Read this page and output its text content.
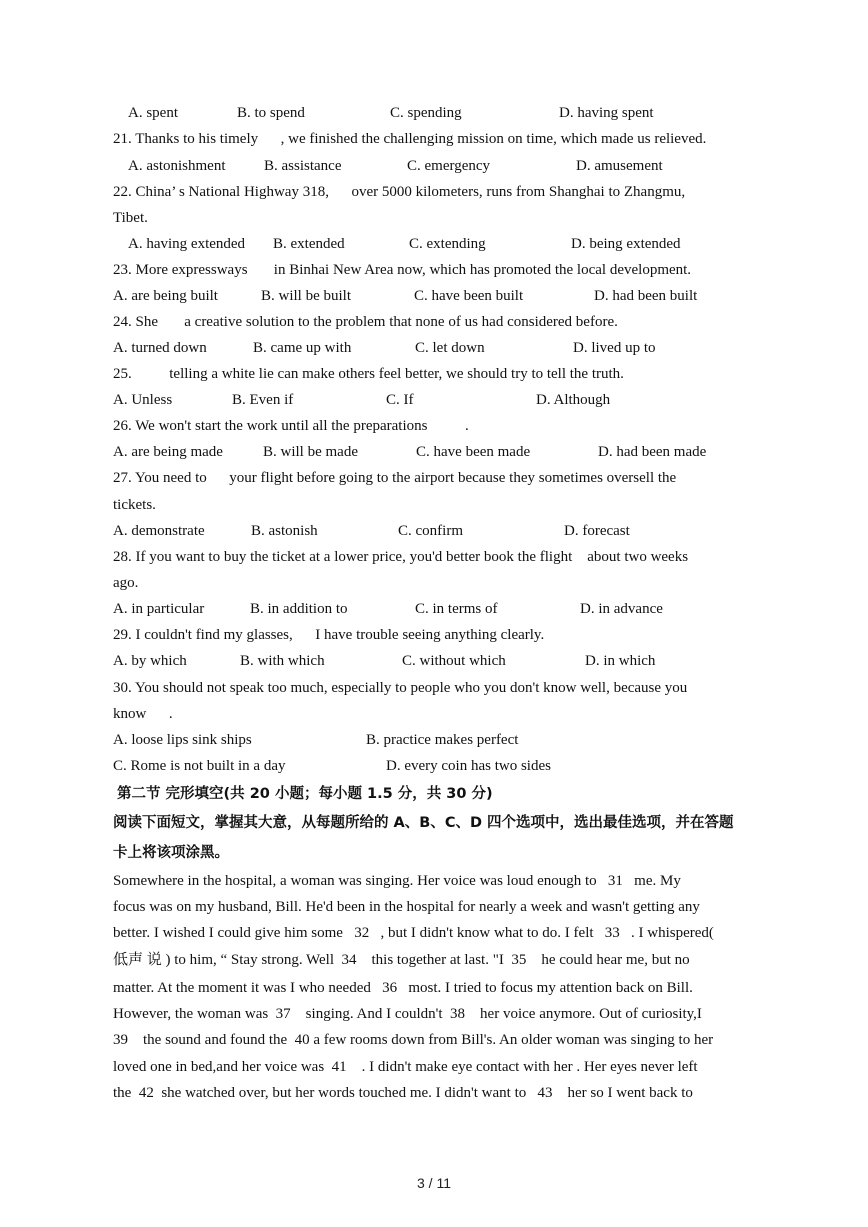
A. spent	B. to spend	C. spending	D. having spent
21. Thanks to his timely      , we finished the challenging mission on time, which made us relieved.
A. astonishment	B. assistance	C. emergency	D. amusement
22. China’ s National Highway 318,      over 5000 kilometers, runs from Shanghai to Zhangmu,
Tibet.
A. having extended B. extended	C. extending	D. being extended
23. More expressways       in Binhai New Area now, which has promoted the local development.
A. are being built	B. will be built	C. have been built	D. had been built
24. She       a creative solution to the problem that none of us had considered before.
A. turned down	B. came up with	C. let down	D. lived up to
25.          telling a white lie can make others feel better, we should try to tell the truth.
A. Unless	B. Even if	C. If	D. Although
26. We won't start the work until all the preparations          .
A. are being made	B. will be made	C. have been made	D. had been made
27. You need to      your flight before going to the airport because they sometimes oversell the
tickets.
A. demonstrate	B. astonish	C. confirm	D. forecast
28. If you want to buy the ticket at a lower price, you'd better book the flight    about two weeks
ago.
A. in particular	B. in addition to	C. in terms of	D. in advance
29. I couldn't find my glasses,      I have trouble seeing anything clearly.
A. by which	B. with which	C. without which	D. in which
30. You should not speak too much, especially to people who you don't know well, because you
know      .
A. loose lips sink ships	B. practice makes perfect
C. Rome is not built in a day	D. every coin has two sides
第二节 完形填空(共 20 小题；每小题 1.5 分，共 30 分)
阅读下面短文，掌握其大意，从每题所给的 A、B、C、D 四个选项中，选出最佳选项，并在答题
卡上将该项涂黑。
Somewhere in the hospital, a woman was singing. Her voice was loud enough to   31   me. My
focus was on my husband, Bill. He'd been in the hospital for nearly a week and wasn't getting any
better. I wished I could give him some   32   , but I didn't know what to do. I felt   33   . I whispered(
低声 说 ) to him, “ Stay strong. Well  34    this together at last. "I  35    he could hear me, but no
matter. At the moment it was I who needed   36   most. I tried to focus my attention back on Bill.
However, the woman was  37    singing. And I couldn't  38    her voice anymore. Out of curiosity,I
39    the sound and found the  40 a few rooms down from Bill's. An older woman was singing to her
loved one in bed,and her voice was  41    . I didn't make eye contact with her . Her eyes never left
the  42  she watched over, but her words touched me. I didn't want to   43    her so I went back to
3 / 11
